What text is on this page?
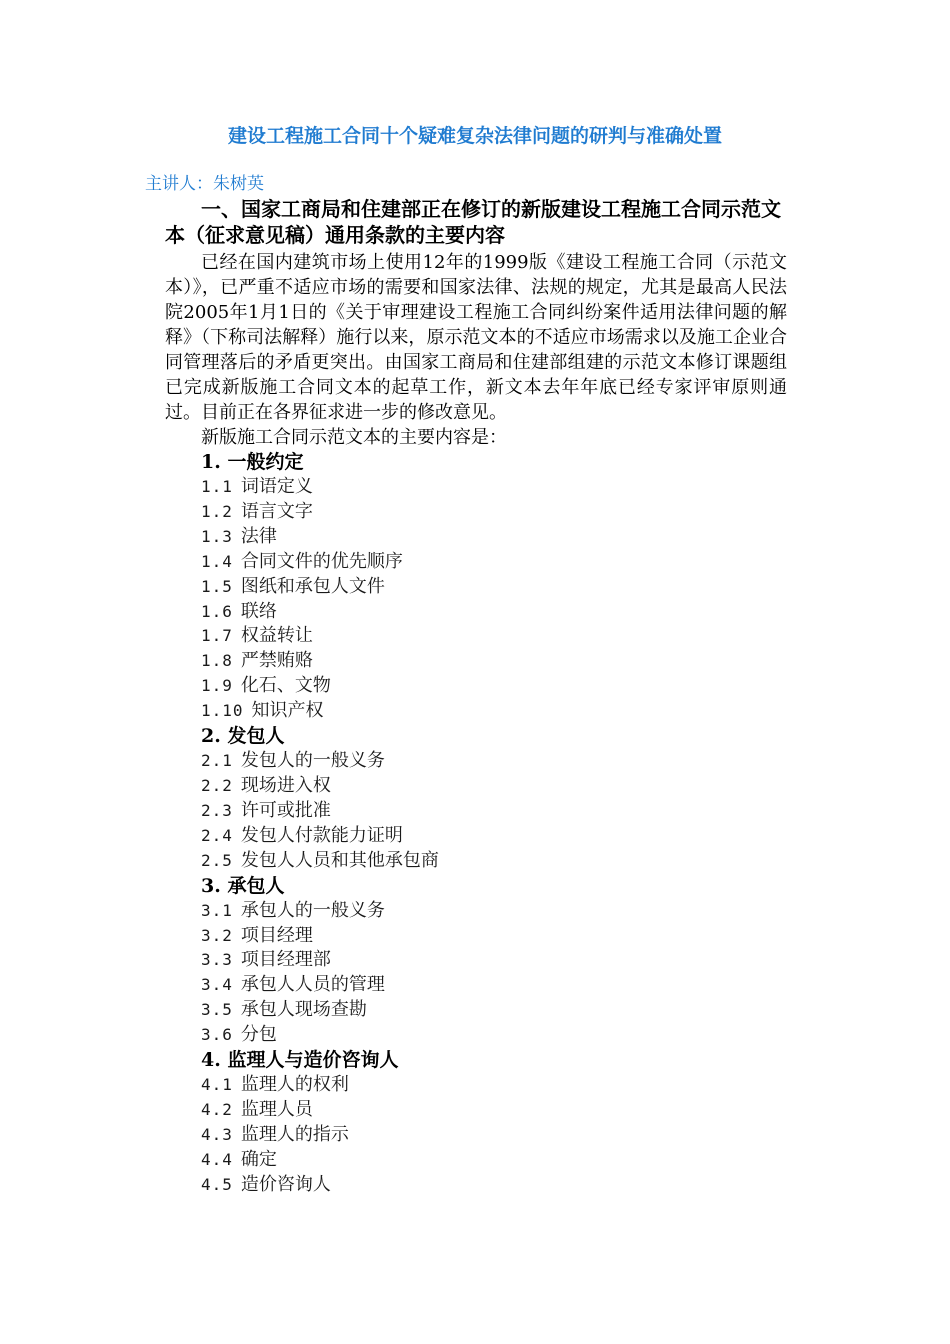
建设工程施工合同十个疑难复杂法律问题的研判与准确处置
主讲人：朱树英

一、国家工商局和住建部正在修订的新版建设工程施工合同示范文本（征求意见稿）通用条款的主要内容

已经在国内建筑市场上使用12年的1999版《建设工程施工合同（示范文本）》，已严重不适应市场的需要和国家法律、法规的规定，尤其是最高人民法院2005年1月1日的《关于审理建设工程施工合同纠纷案件适用法律问题的解释》（下称司法解释）施行以来，原示范文本的不适应市场需求以及施工企业合同管理落后的矛盾更突出。由国家工商局和住建部组建的示范文本修订课题组已完成新版施工合同文本的起草工作，新文本去年年底已经专家评审原则通过。目前正在各界征求进一步的修改意见。

新版施工合同示范文本的主要内容是：

1. 一般约定

1.1 词语定义

1.2 语言文字

1.3 法律

1.4 合同文件的优先顺序

1.5 图纸和承包人文件

1.6 联络

1.7 权益转让

1.8 严禁贿赂

1.9 化石、文物

1.10 知识产权

2. 发包人

2.1 发包人的一般义务

2.2 现场进入权

2.3 许可或批准

2.4 发包人付款能力证明

2.5 发包人人员和其他承包商

3. 承包人

3.1 承包人的一般义务

3.2 项目经理

3.3 项目经理部

3.4 承包人人员的管理

3.5 承包人现场查勘

3.6 分包

4. 监理人与造价咨询人

4.1 监理人的权利

4.2 监理人员

4.3 监理人的指示

4.4 确定

4.5 造价咨询人
